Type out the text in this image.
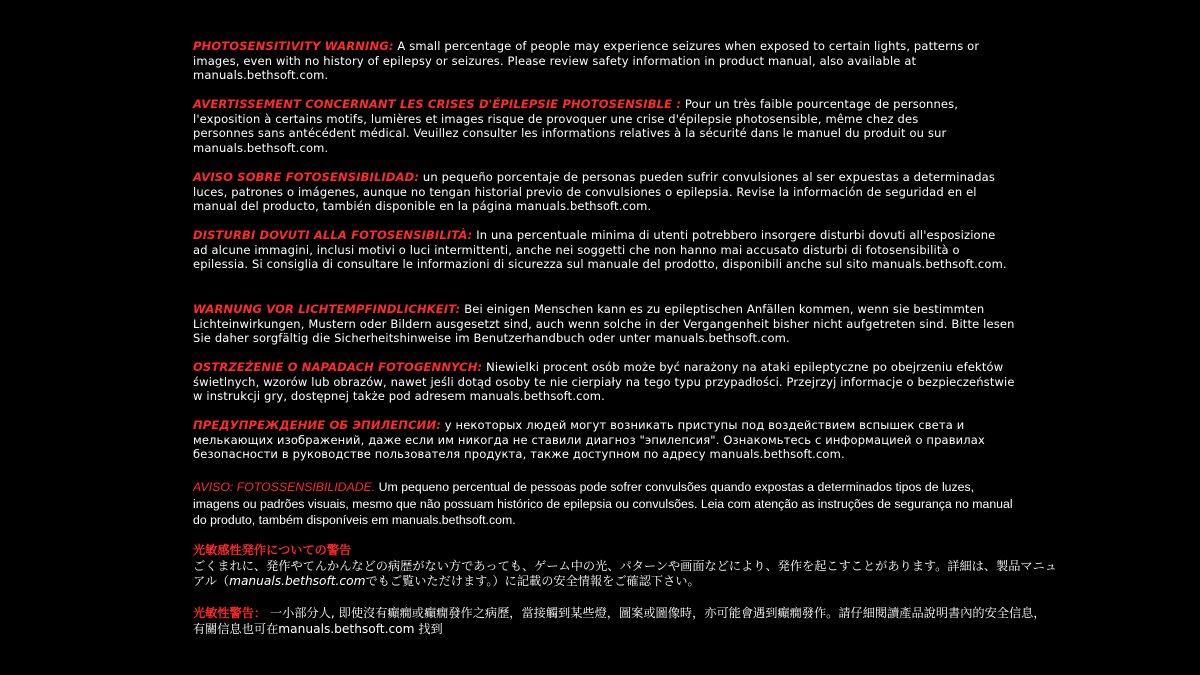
PHOTOSENSITIVITY WARNING: A small percentage of people may experience seizures when exposed to certain lights, patterns or images, even with no history of epilepsy or seizures. Please review safety information in product manual, also available at manuals.bethsoft.com.
AVERTISSEMENT CONCERNANT LES CRISES D'ÉPILEPSIE PHOTOSENSIBLE : Pour un très faible pourcentage de personnes, l'exposition à certains motifs, lumières et images risque de provoquer une crise d'épilepsie photosensible, même chez des personnes sans antécédent médical. Veuillez consulter les informations relatives à la sécurité dans le manuel du produit ou sur manuals.bethsoft.com.
AVISO SOBRE FOTOSENSIBILIDAD: un pequeño porcentaje de personas pueden sufrir convulsiones al ser expuestas a determinadas luces, patrones o imágenes, aunque no tengan historial previo de convulsiones o epilepsia. Revise la información de seguridad en el manual del producto, también disponible en la página manuals.bethsoft.com.
DISTURBI DOVUTI ALLA FOTOSENSIBILITÀ: In una percentuale minima di utenti potrebbero insorgere disturbi dovuti all'esposizione ad alcune immagini, inclusi motivi o luci intermittenti, anche nei soggetti che non hanno mai accusato disturbi di fotosensibilità o epilessia. Si consiglia di consultare le informazioni di sicurezza sul manuale del prodotto, disponibili anche sul sito manuals.bethsoft.com.
WARNUNG VOR LICHTEMPFINDLICHKEIT: Bei einigen Menschen kann es zu epileptischen Anfällen kommen, wenn sie bestimmten Lichteinwirkungen, Mustern oder Bildern ausgesetzt sind, auch wenn solche in der Vergangenheit bisher nicht aufgetreten sind. Bitte lesen Sie daher sorgfältig die Sicherheitshinweise im Benutzerhandbuch oder unter manuals.bethsoft.com.
OSTRZEŻENIE O NAPADACH FOTOGENNYCH: Niewielki procent osób może być narażony na ataki epileptyczne po obejrzeniu efektów świetlnych, wzorów lub obrazów, nawet jeśli dotąd osoby te nie cierpiały na tego typu przypadłości. Przejrzyj informacje o bezpieczeństwie w instrukcji gry, dostępnej także pod adresem manuals.bethsoft.com.
ПРЕДУПРЕЖДЕНИЕ ОБ ЭПИЛЕПСИИ: у некоторых людей могут возникать приступы под воздействием вспышек света и мелькающих изображений, даже если им никогда не ставили диагноз "эпилепсия". Ознакомьтесь с информацией о правилах безопасности в руководстве пользователя продукта, также доступном по адресу manuals.bethsoft.com.
AVISO: FOTOSSENSIBILIDADE. Um pequeno percentual de pessoas pode sofrer convulsões quando expostas a determinados tipos de luzes, imagens ou padrões visuais, mesmo que não possuam histórico de epilepsia ou convulsões. Leia com atenção as instruções de segurança no manual do produto, também disponíveis em manuals.bethsoft.com.
光敏感性発作についての警告
ごくまれに、発作やてんかんなどの病歴がない方であっても、ゲーム中の光、パターンや画面などにより、発作を起こすことがあります。詳細は、製品マニュアル（manuals.bethsoft.comでもご覧いただけます。）に記載の安全情報をご確認下さい。
光敏性警告： 一小部分人, 即使沒有癲癇或癲癇發作之病歷，當接觸到某些燈，圖案或圖像時，亦可能會遇到癲癇發作。請仔細閱讀產品說明書內的安全信息，有關信息也可在manuals.bethsoft.com 找到
